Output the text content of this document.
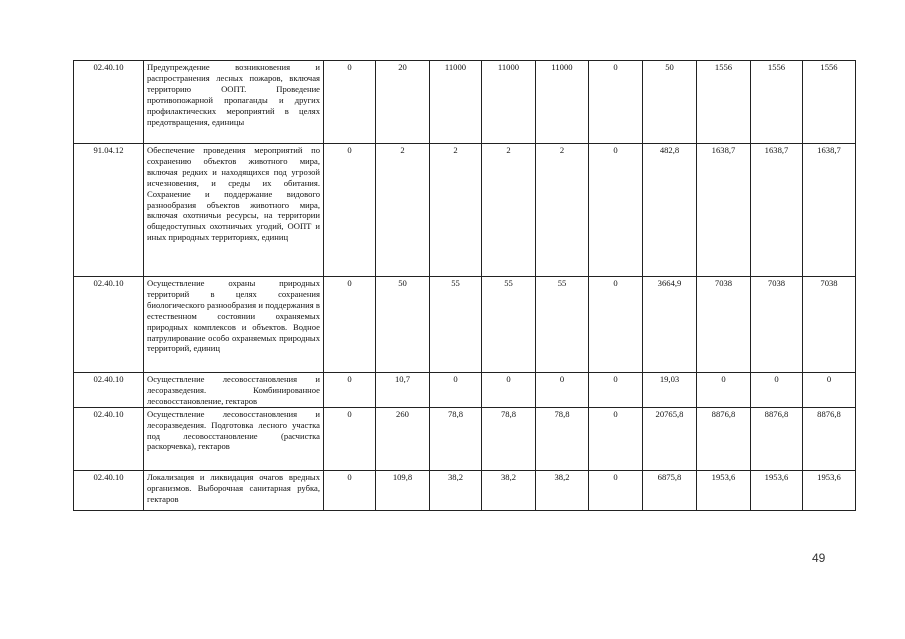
02.40.10	Предупреждение возникновения и распространения лесных пожаров, включая территорию ООПТ. Проведение противопожарной пропаганды и других профилактических мероприятий в целях предотвращения, единицы	0	20	11000	11000	11000	0	50	1556	1556	1556
91.04.12	Обеспечение проведения мероприятий по сохранению объектов животного мира, включая редких и находящихся под угрозой исчезновения, и среды их обитания. Сохранение и поддержание видового разнообразия объектов животного мира, включая охотничьи ресурсы, на территории общедоступных охотничьих угодий, ООПТ и иных природных территориях, единиц	0	2	2	2	2	0	482,8	1638,7	1638,7	1638,7
02.40.10	Осуществление охраны природных территорий в целях сохранения биологического разнообразия и поддержания в естественном состоянии охраняемых природных комплексов и объектов. Водное патрулирование особо охраняемых природных территорий, единиц	0	50	55	55	55	0	3664,9	7038	7038	7038
02.40.10	Осуществление лесовосстановления и лесоразведения. Комбинированное лесовосстановление, гектаров	0	10,7	0	0	0	0	19,03	0	0	0
02.40.10	Осуществление лесовосстановления и лесоразведения. Подготовка лесного участка под лесовосстановление (расчистка раскорчевка), гектаров	0	260	78,8	78,8	78,8	0	20765,8	8876,8	8876,8	8876,8
02.40.10	Локализация и ликвидация очагов вредных организмов. Выборочная санитарная рубка, гектаров	0	109,8	38,2	38,2	38,2	0	6875,8	1953,6	1953,6	1953,6
49
